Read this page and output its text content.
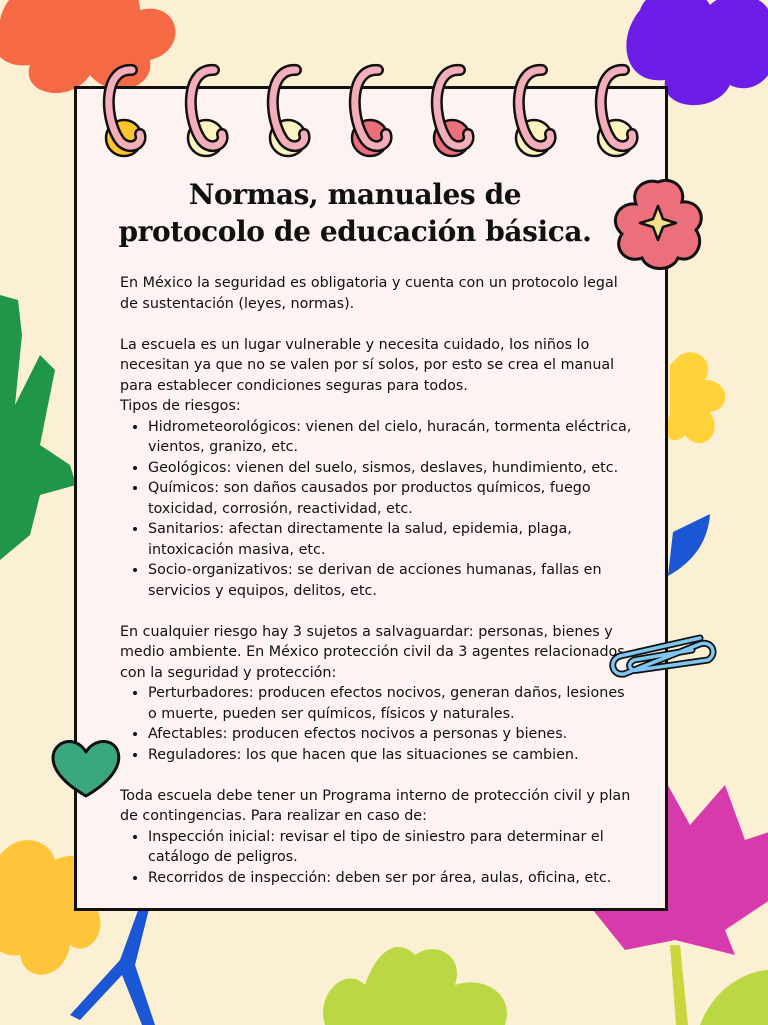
Normas, manuales de
protocolo de educación básica.

En México la seguridad es obligatoria y cuenta con un protocolo legal de sustentación (leyes, normas).

La escuela es un lugar vulnerable y necesita cuidado, los niños lo necesitan ya que no se valen por sí solos, por esto se crea el manual para establecer condiciones seguras para todos.

Tipos de riesgos:

• Hidrometeorológicos: vienen del cielo, huracán, tormenta eléctrica, vientos, granizo, etc.
• Geológicos: vienen del suelo, sismos, deslaves, hundimiento, etc.
• Químicos: son daños causados por productos químicos, fuego toxicidad, corrosión, reactividad, etc.
• Sanitarios: afectan directamente la salud, epidemia, plaga, intoxicación masiva, etc.
• Socio-organizativos: se derivan de acciones humanas, fallas en servicios y equipos, delitos, etc.

En cualquier riesgo hay 3 sujetos a salvaguardar: personas, bienes y medio ambiente. En México protección civil da 3 agentes relacionados con la seguridad y protección:

• Perturbadores: producen efectos nocivos, generan daños, lesiones o muerte, pueden ser químicos, físicos y naturales.
• Afectables: producen efectos nocivos a personas y bienes.
• Reguladores: los que hacen que las situaciones se cambien.

Toda escuela debe tener un Programa interno de protección civil y plan de contingencias. Para realizar en caso de:

• Inspección inicial: revisar el tipo de siniestro para determinar el catálogo de peligros.
• Recorridos de inspección: deben ser por área, aulas, oficina, etc.
